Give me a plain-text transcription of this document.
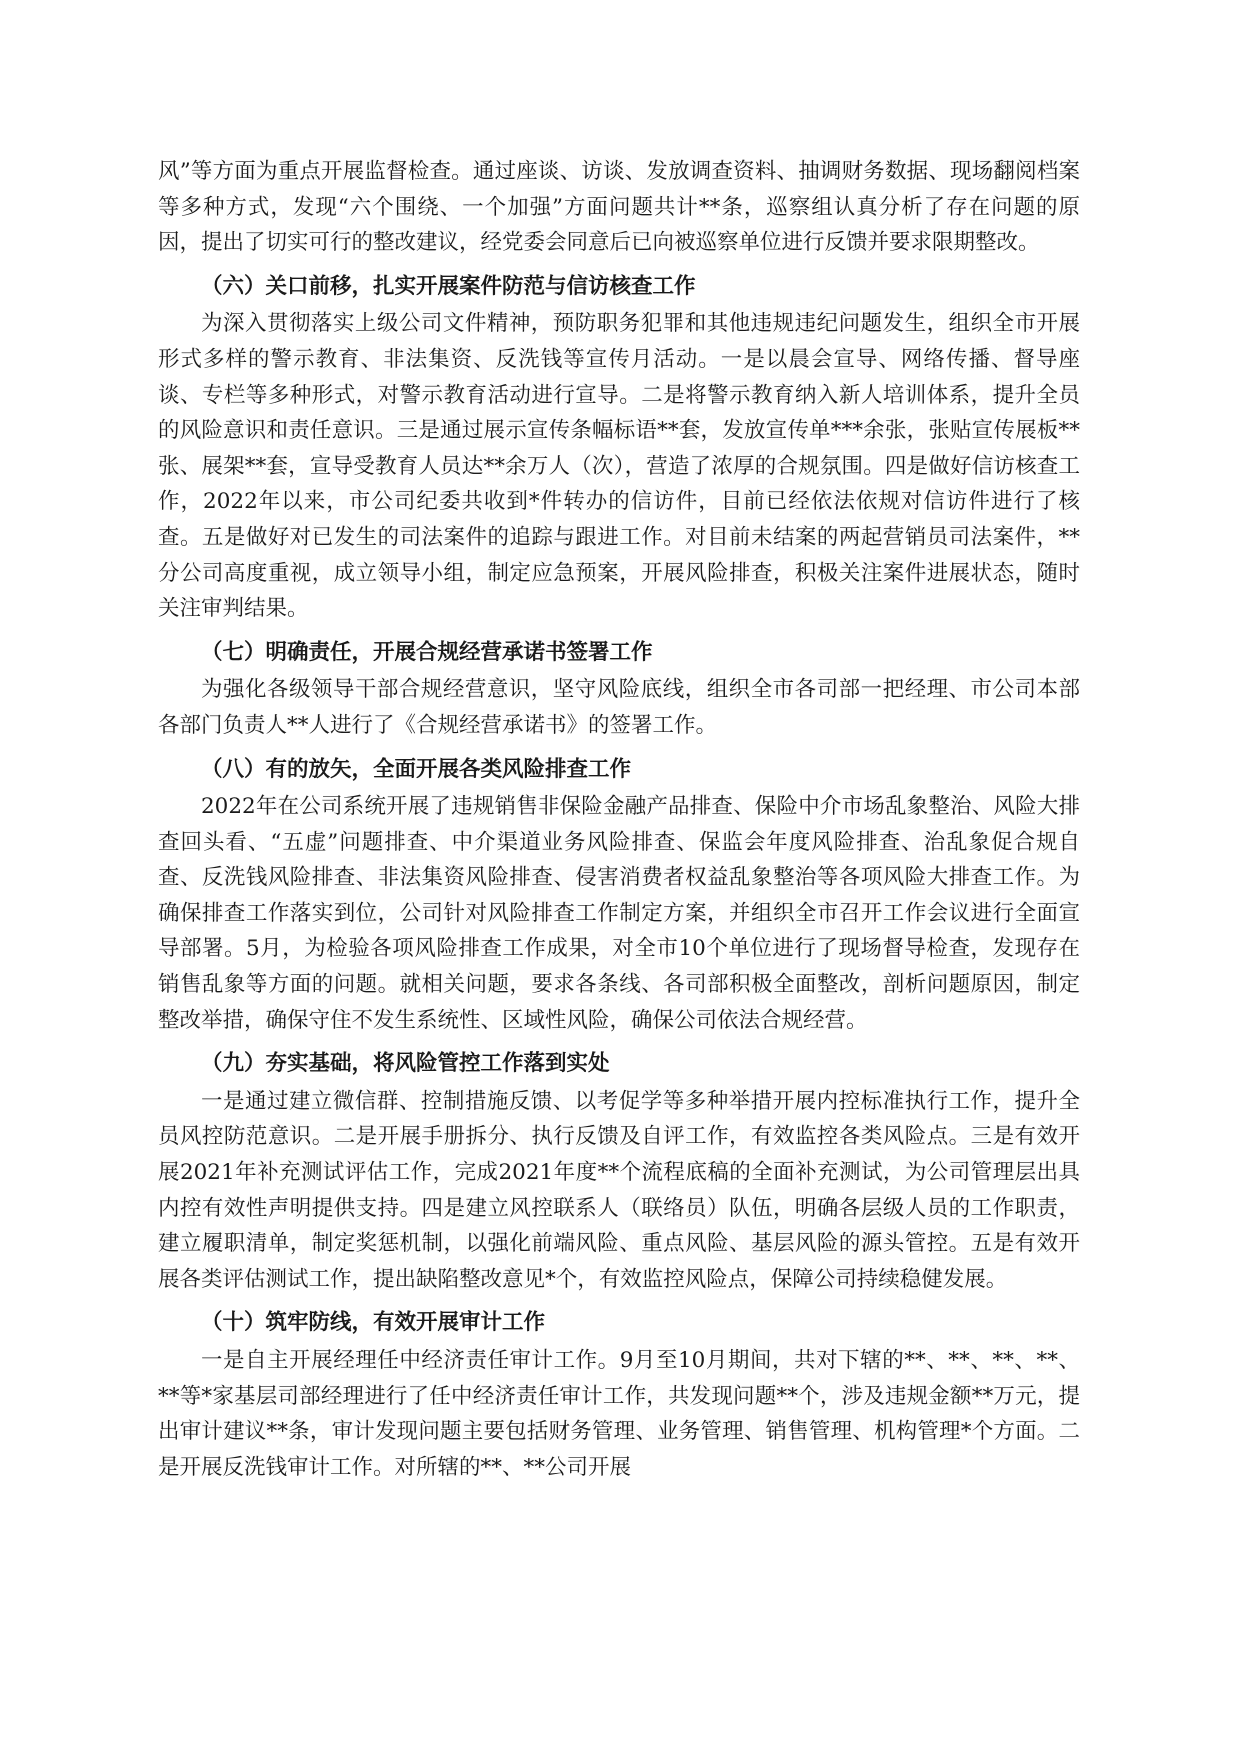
风”等方面为重点开展监督检查。通过座谈、访谈、发放调查资料、抽调财务数据、现场翻阅档案等多种方式，发现“六个围绕、一个加强”方面问题共计**条，巡察组认真分析了存在问题的原因，提出了切实可行的整改建议，经党委会同意后已向被巡察单位进行反馈并要求限期整改。

（六）关口前移，扎实开展案件防范与信访核查工作

为深入贯彻落实上级公司文件精神，预防职务犯罪和其他违规违纪问题发生，组织全市开展形式多样的警示教育、非法集资、反洗钱等宣传月活动。一是以晨会宣导、网络传播、督导座谈、专栏等多种形式，对警示教育活动进行宣导。二是将警示教育纳入新人培训体系，提升全员的风险意识和责任意识。三是通过展示宣传条幅标语**套，发放宣传单***余张，张贴宣传展板**张、展架**套，宣导受教育人员达**余万人（次），营造了浓厚的合规氛围。四是做好信访核查工作，2022年以来，市公司纪委共收到*件转办的信访件，目前已经依法依规对信访件进行了核查。五是做好对已发生的司法案件的追踪与跟进工作。对目前未结案的两起营销员司法案件，**分公司高度重视，成立领导小组，制定应急预案，开展风险排查，积极关注案件进展状态，随时关注审判结果。

（七）明确责任，开展合规经营承诺书签署工作

为强化各级领导干部合规经营意识，坚守风险底线，组织全市各司部一把经理、市公司本部各部门负责人**人进行了《合规经营承诺书》的签署工作。

（八）有的放矢，全面开展各类风险排查工作

2022年在公司系统开展了违规销售非保险金融产品排查、保险中介市场乱象整治、风险大排查回头看、“五虚”问题排查、中介渠道业务风险排查、保监会年度风险排查、治乱象促合规自查、反洗钱风险排查、非法集资风险排查、侵害消费者权益乱象整治等各项风险大排查工作。为确保排查工作落实到位，公司针对风险排查工作制定方案，并组织全市召开工作会议进行全面宣导部署。5月，为检验各项风险排查工作成果，对全市10个单位进行了现场督导检查，发现存在销售乱象等方面的问题。就相关问题，要求各条线、各司部积极全面整改，剖析问题原因，制定整改举措，确保守住不发生系统性、区域性风险，确保公司依法合规经营。

（九）夯实基础，将风险管控工作落到实处

一是通过建立微信群、控制措施反馈、以考促学等多种举措开展内控标准执行工作，提升全员风控防范意识。二是开展手册拆分、执行反馈及自评工作，有效监控各类风险点。三是有效开展2021年补充测试评估工作，完成2021年度**个流程底稿的全面补充测试，为公司管理层出具内控有效性声明提供支持。四是建立风控联系人（联络员）队伍，明确各层级人员的工作职责，建立履职清单，制定奖惩机制，以强化前端风险、重点风险、基层风险的源头管控。五是有效开展各类评估测试工作，提出缺陷整改意见*个，有效监控风险点，保障公司持续稳健发展。

（十）筑牢防线，有效开展审计工作

一是自主开展经理任中经济责任审计工作。9月至10月期间，共对下辖的**、**、**、**、**等*家基层司部经理进行了任中经济责任审计工作，共发现问题**个，涉及违规金额**万元，提出审计建议**条，审计发现问题主要包括财务管理、业务管理、销售管理、机构管理*个方面。二是开展反洗钱审计工作。对所辖的**、**公司开展
